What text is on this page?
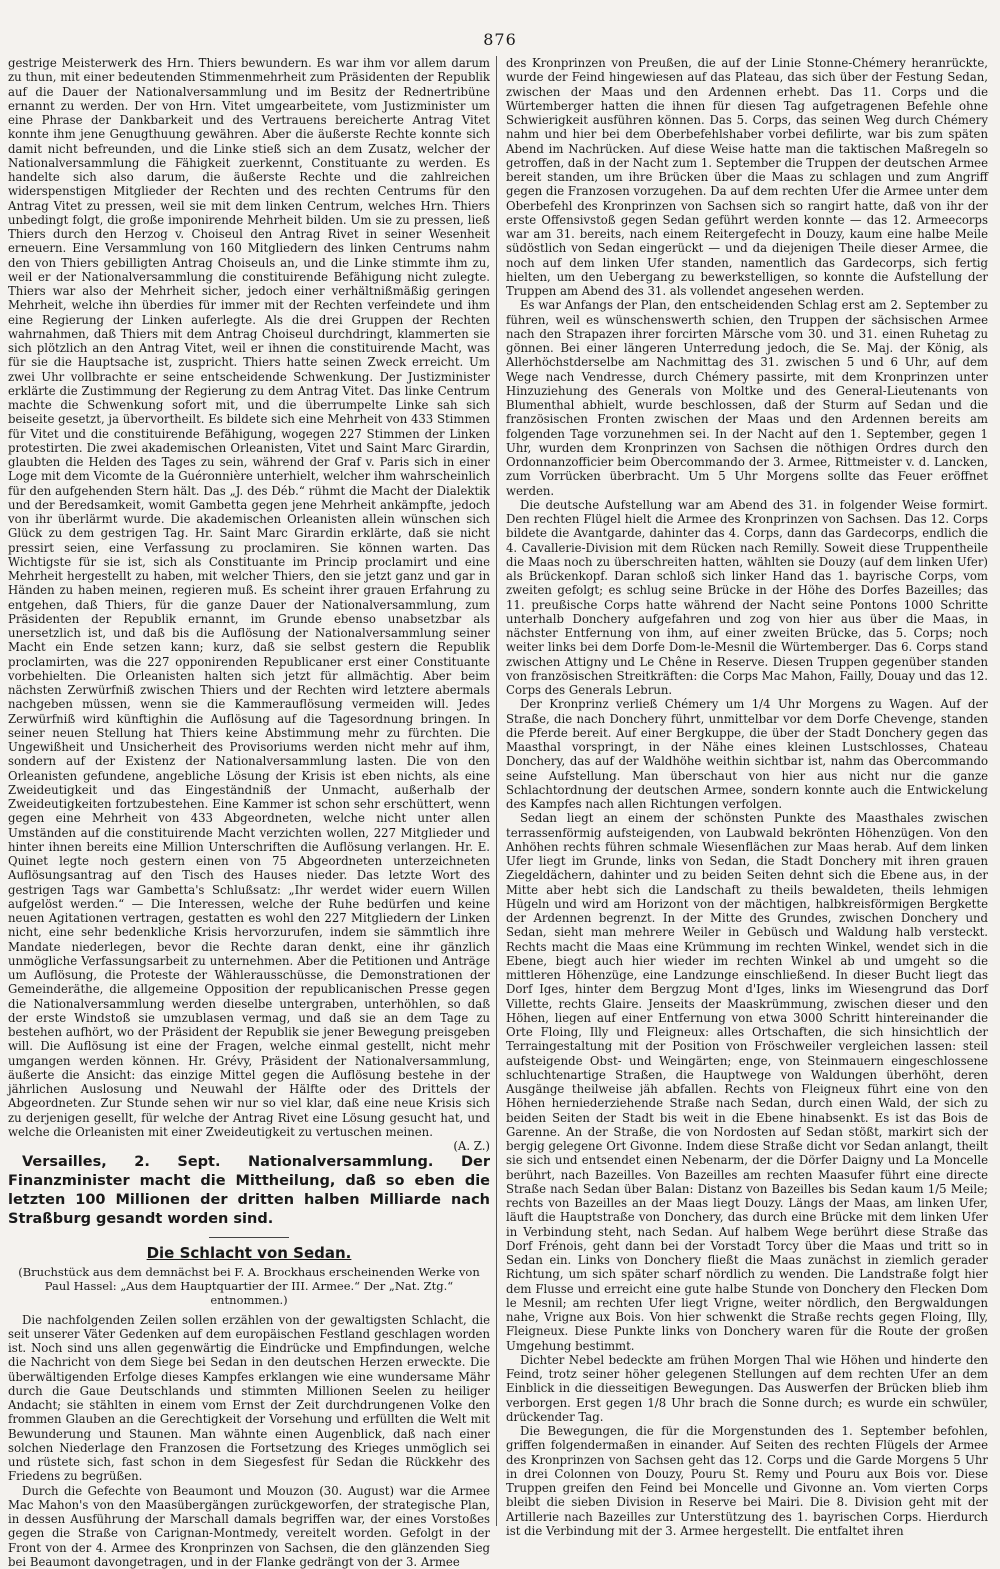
876

gestrige Meisterwerk des Hrn. Thiers bewundern. Es war ihm vor allem darum zu thun, mit einer bedeutenden Stimmenmehrheit zum Präsidenten der Republik auf die Dauer der Nationalversammlung und im Besitz der Rednertribüne ernannt zu werden. Der von Hrn. Vitet umgearbeitete, vom Justizminister um eine Phrase der Dankbarkeit und des Vertrauens bereicherte Antrag Vitet konnte ihm jene Genugthuung gewähren. Aber die äußerste Rechte konnte sich damit nicht befreunden, und die Linke stieß sich an dem Zusatz, welcher der Nationalversammlung die Fähigkeit zuerkennt, Constituante zu werden. Es handelte sich also darum, die äußerste Rechte und die zahlreichen widerspenstigen Mitglieder der Rechten und des rechten Centrums für den Antrag Vitet zu pressen, weil sie mit dem linken Centrum, welches Hrn. Thiers unbedingt folgt, die große imponirende Mehrheit bilden. Um sie zu pressen, ließ Thiers durch den Herzog v. Choiseul den Antrag Rivet in seiner Wesenheit erneuern. Eine Versammlung von 160 Mitgliedern des linken Centrums nahm den von Thiers gebilligten Antrag Choiseuls an, und die Linke stimmte ihm zu, weil er der Nationalversammlung die constituirende Befähigung nicht zulegte. Thiers war also der Mehrheit sicher, jedoch einer verhältnißmäßig geringen Mehrheit, welche ihn überdies für immer mit der Rechten verfeindete und ihm eine Regierung der Linken auferlegte. Als die drei Gruppen der Rechten wahrnahmen, daß Thiers mit dem Antrag Choiseul durchdringt, klammerten sie sich plötzlich an den Antrag Vitet, weil er ihnen die constituirende Macht, was für sie die Hauptsache ist, zuspricht. Thiers hatte seinen Zweck erreicht. Um zwei Uhr vollbrachte er seine entscheidende Schwenkung. Der Justizminister erklärte die Zustimmung der Regierung zu dem Antrag Vitet. Das linke Centrum machte die Schwenkung sofort mit, und die überrumpelte Linke sah sich beiseite gesetzt, ja übervortheilt. Es bildete sich eine Mehrheit von 433 Stimmen für Vitet und die constituirende Befähigung, wogegen 227 Stimmen der Linken protestirten. Die zwei akademischen Orleanisten, Vitet und Saint Marc Girardin, glaubten die Helden des Tages zu sein, während der Graf v. Paris sich in einer Loge mit dem Vicomte de la Guéronnière unterhielt, welcher ihm wahrscheinlich für den aufgehenden Stern hält. Das „J. des Déb.“ rühmt die Macht der Dialektik und der Beredsamkeit, womit Gambetta gegen jene Mehrheit ankämpfte, jedoch von ihr überlärmt wurde. Die akademischen Orleanisten allein wünschen sich Glück zu dem gestrigen Tag. Hr. Saint Marc Girardin erklärte, daß sie nicht pressirt seien, eine Verfassung zu proclamiren. Sie können warten. Das Wichtigste für sie ist, sich als Constituante im Princip proclamirt und eine Mehrheit hergestellt zu haben, mit welcher Thiers, den sie jetzt ganz und gar in Händen zu haben meinen, regieren muß. Es scheint ihrer grauen Erfahrung zu entgehen, daß Thiers, für die ganze Dauer der Nationalversammlung, zum Präsidenten der Republik ernannt, im Grunde ebenso unabsetzbar als unersetzlich ist, und daß bis die Auflösung der Nationalversammlung seiner Macht ein Ende setzen kann; kurz, daß sie selbst gestern die Republik proclamirten, was die 227 opponirenden Republicaner erst einer Constituante vorbehielten. Die Orleanisten halten sich jetzt für allmächtig. Aber beim nächsten Zerwürfniß zwischen Thiers und der Rechten wird letztere abermals nachgeben müssen, wenn sie die Kammerauflösung vermeiden will. Jedes Zerwürfniß wird künftighin die Auflösung auf die Tagesordnung bringen. In seiner neuen Stellung hat Thiers keine Abstimmung mehr zu fürchten. Die Ungewißheit und Unsicherheit des Provisoriums werden nicht mehr auf ihm, sondern auf der Existenz der Nationalversammlung lasten. Die von den Orleanisten gefundene, angebliche Lösung der Krisis ist eben nichts, als eine Zweideutigkeit und das Eingeständniß der Unmacht, außerhalb der Zweideutigkeiten fortzubestehen. Eine Kammer ist schon sehr erschüttert, wenn gegen eine Mehrheit von 433 Abgeordneten, welche nicht unter allen Umständen auf die constituirende Macht verzichten wollen, 227 Mitglieder und hinter ihnen bereits eine Million Unterschriften die Auflösung verlangen. Hr. E. Quinet legte noch gestern einen von 75 Abgeordneten unterzeichneten Auflösungsantrag auf den Tisch des Hauses nieder. Das letzte Wort des gestrigen Tags war Gambetta's Schlußsatz: „Ihr werdet wider euern Willen aufgelöst werden.“ — Die Interessen, welche der Ruhe bedürfen und keine neuen Agitationen vertragen, gestatten es wohl den 227 Mitgliedern der Linken nicht, eine sehr bedenkliche Krisis hervorzurufen, indem sie sämmtlich ihre Mandate niederlegen, bevor die Rechte daran denkt, eine ihr gänzlich unmögliche Verfassungsarbeit zu unternehmen. Aber die Petitionen und Anträge um Auflösung, die Proteste der Wählerausschüsse, die Demonstrationen der Gemeinderäthe, die allgemeine Opposition der republicanischen Presse gegen die Nationalversammlung werden dieselbe untergraben, unterhöhlen, so daß der erste Windstoß sie umzublasen vermag, und daß sie an dem Tage zu bestehen aufhört, wo der Präsident der Republik sie jener Bewegung preisgeben will. Die Auflösung ist eine der Fragen, welche einmal gestellt, nicht mehr umgangen werden können. Hr. Grévy, Präsident der Nationalversammlung, äußerte die Ansicht: das einzige Mittel gegen die Auflösung bestehe in der jährlichen Auslosung und Neuwahl der Hälfte oder des Drittels der Abgeordneten. Zur Stunde sehen wir nur so viel klar, daß eine neue Krisis sich zu derjenigen gesellt, für welche der Antrag Rivet eine Lösung gesucht hat, und welche die Orleanisten mit einer Zweideutigkeit zu vertuschen meinen.

(A. Z.)

Versailles, 2. Sept. Nationalversammlung. Der Finanzminister macht die Mittheilung, daß so eben die letzten 100 Millionen der dritten halben Milliarde nach Straßburg gesandt worden sind.

Die Schlacht von Sedan.
(Bruchstück aus dem demnächst bei F. A. Brockhaus erscheinenden Werke von Paul Hassel: „Aus dem Hauptquartier der III. Armee.“ Der „Nat. Ztg.“ entnommen.)

Die nachfolgenden Zeilen sollen erzählen von der gewaltigsten Schlacht, die seit unserer Väter Gedenken auf dem europäischen Festland geschlagen worden ist. Noch sind uns allen gegenwärtig die Eindrücke und Empfindungen, welche die Nachricht von dem Siege bei Sedan in den deutschen Herzen erweckte. Die überwältigenden Erfolge dieses Kampfes erklangen wie eine wundersame Mähr durch die Gaue Deutschlands und stimmten Millionen Seelen zu heiliger Andacht; sie stählten in einem vom Ernst der Zeit durchdrungenen Volke den frommen Glauben an die Gerechtigkeit der Vorsehung und erfüllten die Welt mit Bewunderung und Staunen. Man wähnte einen Augenblick, daß nach einer solchen Niederlage den Franzosen die Fortsetzung des Krieges unmöglich sei und rüstete sich, fast schon in dem Siegesfest für Sedan die Rückkehr des Friedens zu begrüßen.

Durch die Gefechte von Beaumont und Mouzon (30. August) war die Armee Mac Mahon's von den Maasübergängen zurückgeworfen, der strategische Plan, in dessen Ausführung der Marschall damals begriffen war, der eines Vorstoßes gegen die Straße von Carignan-Montmedy, vereitelt worden. Gefolgt in der Front von der 4. Armee des Kronprinzen von Sachsen, die den glänzenden Sieg bei Beaumont davongetragen, und in der Flanke gedrängt von der 3. Armee

des Kronprinzen von Preußen, die auf der Linie Stonne-Chémery heranrückte, wurde der Feind hingewiesen auf das Plateau, das sich über der Festung Sedan, zwischen der Maas und den Ardennen erhebt. Das 11. Corps und die Würtemberger hatten die ihnen für diesen Tag aufgetragenen Befehle ohne Schwierigkeit ausführen können. Das 5. Corps, das seinen Weg durch Chémery nahm und hier bei dem Oberbefehlshaber vorbei defilirte, war bis zum späten Abend im Nachrücken. Auf diese Weise hatte man die taktischen Maßregeln so getroffen, daß in der Nacht zum 1. September die Truppen der deutschen Armee bereit standen, um ihre Brücken über die Maas zu schlagen und zum Angriff gegen die Franzosen vorzugehen. Da auf dem rechten Ufer die Armee unter dem Oberbefehl des Kronprinzen von Sachsen sich so rangirt hatte, daß von ihr der erste Offensivstoß gegen Sedan geführt werden konnte — das 12. Armeecorps war am 31. bereits, nach einem Reitergefecht in Douzy, kaum eine halbe Meile südöstlich von Sedan eingerückt — und da diejenigen Theile dieser Armee, die noch auf dem linken Ufer standen, namentlich das Gardecorps, sich fertig hielten, um den Uebergang zu bewerkstelligen, so konnte die Aufstellung der Truppen am Abend des 31. als vollendet angesehen werden.

Es war Anfangs der Plan, den entscheidenden Schlag erst am 2. September zu führen, weil es wünschenswerth schien, den Truppen der sächsischen Armee nach den Strapazen ihrer forcirten Märsche vom 30. und 31. einen Ruhetag zu gönnen. Bei einer längeren Unterredung jedoch, die Se. Maj. der König, als Allerhöchstderselbe am Nachmittag des 31. zwischen 5 und 6 Uhr, auf dem Wege nach Vendresse, durch Chémery passirte, mit dem Kronprinzen unter Hinzuziehung des Generals von Moltke und des General-Lieutenants von Blumenthal abhielt, wurde beschlossen, daß der Sturm auf Sedan und die französischen Fronten zwischen der Maas und den Ardennen bereits am folgenden Tage vorzunehmen sei. In der Nacht auf den 1. September, gegen 1 Uhr, wurden dem Kronprinzen von Sachsen die nöthigen Ordres durch den Ordonnanzofficier beim Obercommando der 3. Armee, Rittmeister v. d. Lancken, zum Vorrücken überbracht. Um 5 Uhr Morgens sollte das Feuer eröffnet werden.

Die deutsche Aufstellung war am Abend des 31. in folgender Weise formirt. Den rechten Flügel hielt die Armee des Kronprinzen von Sachsen. Das 12. Corps bildete die Avantgarde, dahinter das 4. Corps, dann das Gardecorps, endlich die 4. Cavallerie-Division mit dem Rücken nach Remilly. Soweit diese Truppentheile die Maas noch zu überschreiten hatten, wählten sie Douzy (auf dem linken Ufer) als Brückenkopf. Daran schloß sich linker Hand das 1. bayrische Corps, vom zweiten gefolgt; es schlug seine Brücke in der Höhe des Dorfes Bazeilles; das 11. preußische Corps hatte während der Nacht seine Pontons 1000 Schritte unterhalb Donchery aufgefahren und zog von hier aus über die Maas, in nächster Entfernung von ihm, auf einer zweiten Brücke, das 5. Corps; noch weiter links bei dem Dorfe Dom-le-Mesnil die Würtemberger. Das 6. Corps stand zwischen Attigny und Le Chêne in Reserve. Diesen Truppen gegenüber standen von französischen Streitkräften: die Corps Mac Mahon, Failly, Douay und das 12. Corps des Generals Lebrun.

Der Kronprinz verließ Chémery um 1/4 Uhr Morgens zu Wagen. Auf der Straße, die nach Donchery führt, unmittelbar vor dem Dorfe Chevenge, standen die Pferde bereit. Auf einer Bergkuppe, die über der Stadt Donchery gegen das Maasthal vorspringt, in der Nähe eines kleinen Lustschlosses, Chateau Donchery, das auf der Waldhöhe weithin sichtbar ist, nahm das Obercommando seine Aufstellung. Man überschaut von hier aus nicht nur die ganze Schlachtordnung der deutschen Armee, sondern konnte auch die Entwickelung des Kampfes nach allen Richtungen verfolgen.

Sedan liegt an einem der schönsten Punkte des Maasthales zwischen terrassenförmig aufsteigenden, von Laubwald bekrönten Höhenzügen. Von den Anhöhen rechts führen schmale Wiesenflächen zur Maas herab. Auf dem linken Ufer liegt im Grunde, links von Sedan, die Stadt Donchery mit ihren grauen Ziegeldächern, dahinter und zu beiden Seiten dehnt sich die Ebene aus, in der Mitte aber hebt sich die Landschaft zu theils bewaldeten, theils lehmigen Hügeln und wird am Horizont von der mächtigen, halbkreisförmigen Bergkette der Ardennen begrenzt. In der Mitte des Grundes, zwischen Donchery und Sedan, sieht man mehrere Weiler in Gebüsch und Waldung halb versteckt. Rechts macht die Maas eine Krümmung im rechten Winkel, wendet sich in die Ebene, biegt auch hier wieder im rechten Winkel ab und umgeht so die mittleren Höhenzüge, eine Landzunge einschließend. In dieser Bucht liegt das Dorf Iges, hinter dem Bergzug Mont d'Iges, links im Wiesengrund das Dorf Villette, rechts Glaire. Jenseits der Maaskrümmung, zwischen dieser und den Höhen, liegen auf einer Entfernung von etwa 3000 Schritt hintereinander die Orte Floing, Illy und Fleigneux: alles Ortschaften, die sich hinsichtlich der Terraingestaltung mit der Position von Fröschweiler vergleichen lassen: steil aufsteigende Obst- und Weingärten; enge, von Steinmauern eingeschlossene schluchtenartige Straßen, die Hauptwege von Waldungen überhöht, deren Ausgänge theilweise jäh abfallen. Rechts von Fleigneux führt eine von den Höhen herniederziehende Straße nach Sedan, durch einen Wald, der sich zu beiden Seiten der Stadt bis weit in die Ebene hinabsenkt. Es ist das Bois de Garenne. An der Straße, die von Nordosten auf Sedan stößt, markirt sich der bergig gelegene Ort Givonne. Indem diese Straße dicht vor Sedan anlangt, theilt sie sich und entsendet einen Nebenarm, der die Dörfer Daigny und La Moncelle berührt, nach Bazeilles. Von Bazeilles am rechten Maasufer führt eine directe Straße nach Sedan über Balan: Distanz von Bazeilles bis Sedan kaum 1/5 Meile; rechts von Bazeilles an der Maas liegt Douzy. Längs der Maas, am linken Ufer, läuft die Hauptstraße von Donchery, das durch eine Brücke mit dem linken Ufer in Verbindung steht, nach Sedan. Auf halbem Wege berührt diese Straße das Dorf Frénois, geht dann bei der Vorstadt Torcy über die Maas und tritt so in Sedan ein. Links von Donchery fließt die Maas zunächst in ziemlich gerader Richtung, um sich später scharf nördlich zu wenden. Die Landstraße folgt hier dem Flusse und erreicht eine gute halbe Stunde von Donchery den Flecken Dom le Mesnil; am rechten Ufer liegt Vrigne, weiter nördlich, den Bergwaldungen nahe, Vrigne aux Bois. Von hier schwenkt die Straße rechts gegen Floing, Illy, Fleigneux. Diese Punkte links von Donchery waren für die Route der großen Umgehung bestimmt.

Dichter Nebel bedeckte am frühen Morgen Thal wie Höhen und hinderte den Feind, trotz seiner höher gelegenen Stellungen auf dem rechten Ufer an dem Einblick in die diesseitigen Bewegungen. Das Auswerfen der Brücken blieb ihm verborgen. Erst gegen 1/8 Uhr brach die Sonne durch; es wurde ein schwüler, drückender Tag.

Die Bewegungen, die für die Morgenstunden des 1. September befohlen, griffen folgendermaßen in einander. Auf Seiten des rechten Flügels der Armee des Kronprinzen von Sachsen geht das 12. Corps und die Garde Morgens 5 Uhr in drei Colonnen von Douzy, Pouru St. Remy und Pouru aux Bois vor. Diese Truppen greifen den Feind bei Moncelle und Givonne an. Vom vierten Corps bleibt die sieben Division in Reserve bei Mairi. Die 8. Division geht mit der Artillerie nach Bazeilles zur Unterstützung des 1. bayrischen Corps. Hierdurch ist die Verbindung mit der 3. Armee hergestellt. Die entfaltet ihren
